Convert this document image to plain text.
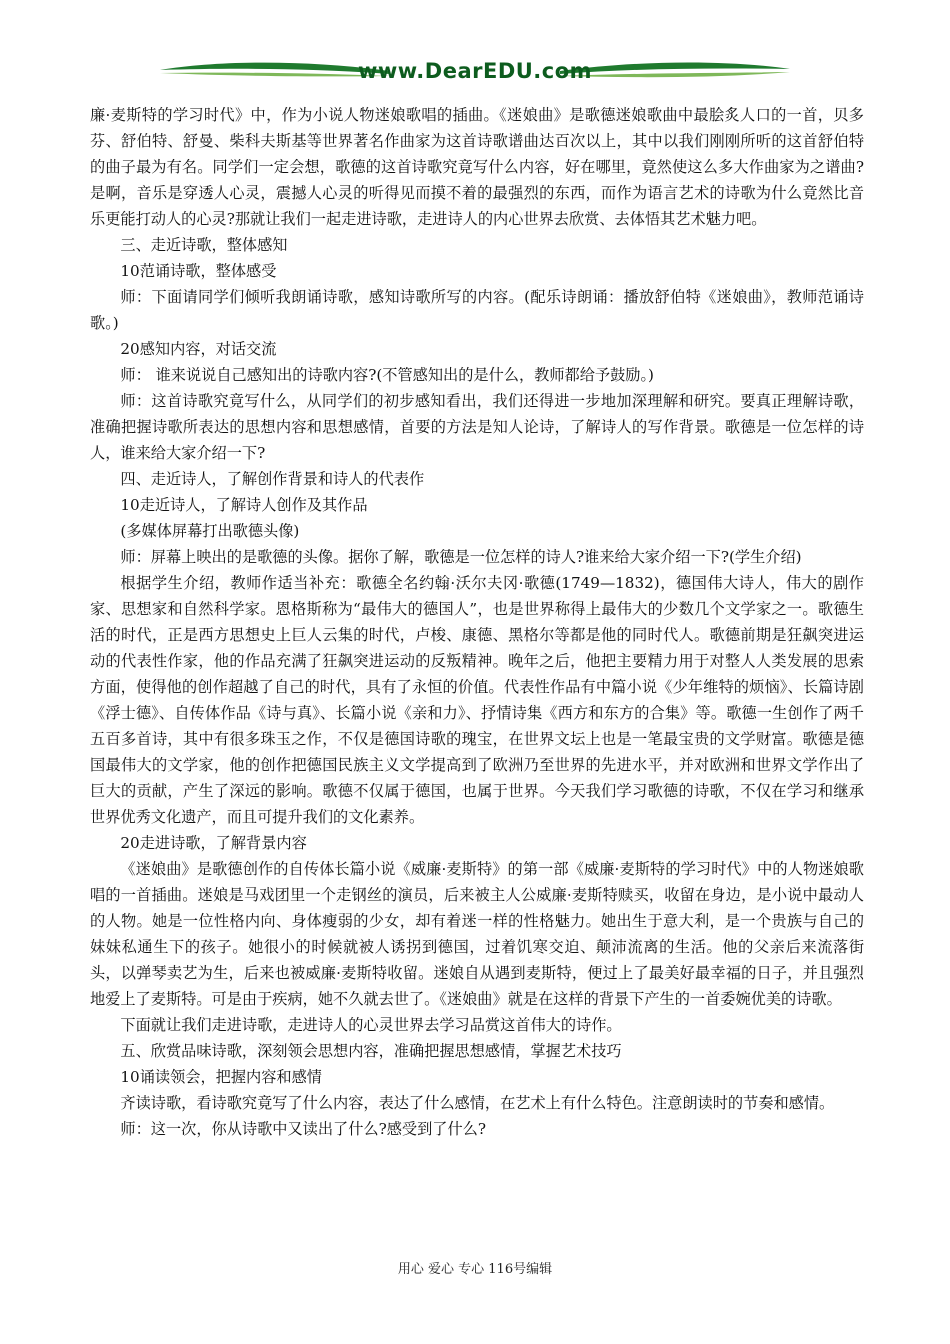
www.DearEDU.com

廉·麦斯特的学习时代》中，作为小说人物迷娘歌唱的插曲。《迷娘曲》是歌德迷娘歌曲中最脍炙人口的一首，贝多芬、舒伯特、舒曼、柴科夫斯基等世界著名作曲家为这首诗歌谱曲达百次以上，其中以我们刚刚所听的这首舒伯特的曲子最为有名。同学们一定会想，歌德的这首诗歌究竟写什么内容，好在哪里，竟然使这么多大作曲家为之谱曲?是啊，音乐是穿透人心灵，震撼人心灵的听得见而摸不着的最强烈的东西，而作为语言艺术的诗歌为什么竟然比音乐更能打动人的心灵?那就让我们一起走进诗歌，走进诗人的内心世界去欣赏、去体悟其艺术魅力吧。

三、走近诗歌，整体感知

10范诵诗歌，整体感受

师：下面请同学们倾听我朗诵诗歌，感知诗歌所写的内容。(配乐诗朗诵：播放舒伯特《迷娘曲》，教师范诵诗歌。)

20感知内容，对话交流

师： 谁来说说自己感知出的诗歌内容?(不管感知出的是什么，教师都给予鼓励。)

师：这首诗歌究竟写什么，从同学们的初步感知看出，我们还得进一步地加深理解和研究。要真正理解诗歌，准确把握诗歌所表达的思想内容和思想感情，首要的方法是知人论诗，了解诗人的写作背景。歌德是一位怎样的诗人，谁来给大家介绍一下?

四、走近诗人，了解创作背景和诗人的代表作

10走近诗人，了解诗人创作及其作品

(多媒体屏幕打出歌德头像)

师：屏幕上映出的是歌德的头像。据你了解，歌德是一位怎样的诗人?谁来给大家介绍一下?(学生介绍)

根据学生介绍，教师作适当补充：歌德全名约翰·沃尔夫冈·歌德(1749—1832)，德国伟大诗人，伟大的剧作家、思想家和自然科学家。恩格斯称为“最伟大的德国人”，也是世界称得上最伟大的少数几个文学家之一。歌德生活的时代，正是西方思想史上巨人云集的时代，卢梭、康德、黑格尔等都是他的同时代人。歌德前期是狂飙突进运动的代表性作家，他的作品充满了狂飙突进运动的反叛精神。晚年之后，他把主要精力用于对整人人类发展的思索方面，使得他的创作超越了自己的时代，具有了永恒的价值。代表性作品有中篇小说《少年维特的烦恼》、长篇诗剧《浮士德》、自传体作品《诗与真》、长篇小说《亲和力》、抒情诗集《西方和东方的合集》等。歌德一生创作了两千五百多首诗，其中有很多珠玉之作，不仅是德国诗歌的瑰宝，在世界文坛上也是一笔最宝贵的文学财富。歌德是德国最伟大的文学家，他的创作把德国民族主义文学提高到了欧洲乃至世界的先进水平，并对欧洲和世界文学作出了巨大的贡献，产生了深远的影响。歌德不仅属于德国，也属于世界。今天我们学习歌德的诗歌，不仅在学习和继承世界优秀文化遗产，而且可提升我们的文化素养。

20走进诗歌，了解背景内容

《迷娘曲》是歌德创作的自传体长篇小说《威廉·麦斯特》的第一部《威廉·麦斯特的学习时代》中的人物迷娘歌唱的一首插曲。迷娘是马戏团里一个走钢丝的演员，后来被主人公威廉·麦斯特赎买，收留在身边，是小说中最动人的人物。她是一位性格内向、身体瘦弱的少女，却有着迷一样的性格魅力。她出生于意大利，是一个贵族与自己的妹妹私通生下的孩子。她很小的时候就被人诱拐到德国，过着饥寒交迫、颠沛流离的生活。他的父亲后来流落街头，以弹琴卖艺为生，后来也被威廉·麦斯特收留。迷娘自从遇到麦斯特，便过上了最美好最幸福的日子，并且强烈地爱上了麦斯特。可是由于疾病，她不久就去世了。《迷娘曲》就是在这样的背景下产生的一首委婉优美的诗歌。

下面就让我们走进诗歌，走进诗人的心灵世界去学习品赏这首伟大的诗作。

五、欣赏品味诗歌，深刻领会思想内容，准确把握思想感情，掌握艺术技巧

10诵读领会，把握内容和感情

齐读诗歌，看诗歌究竟写了什么内容，表达了什么感情，在艺术上有什么特色。注意朗读时的节奏和感情。

师：这一次，你从诗歌中又读出了什么?感受到了什么?

用心 爱心 专心 116号编辑
